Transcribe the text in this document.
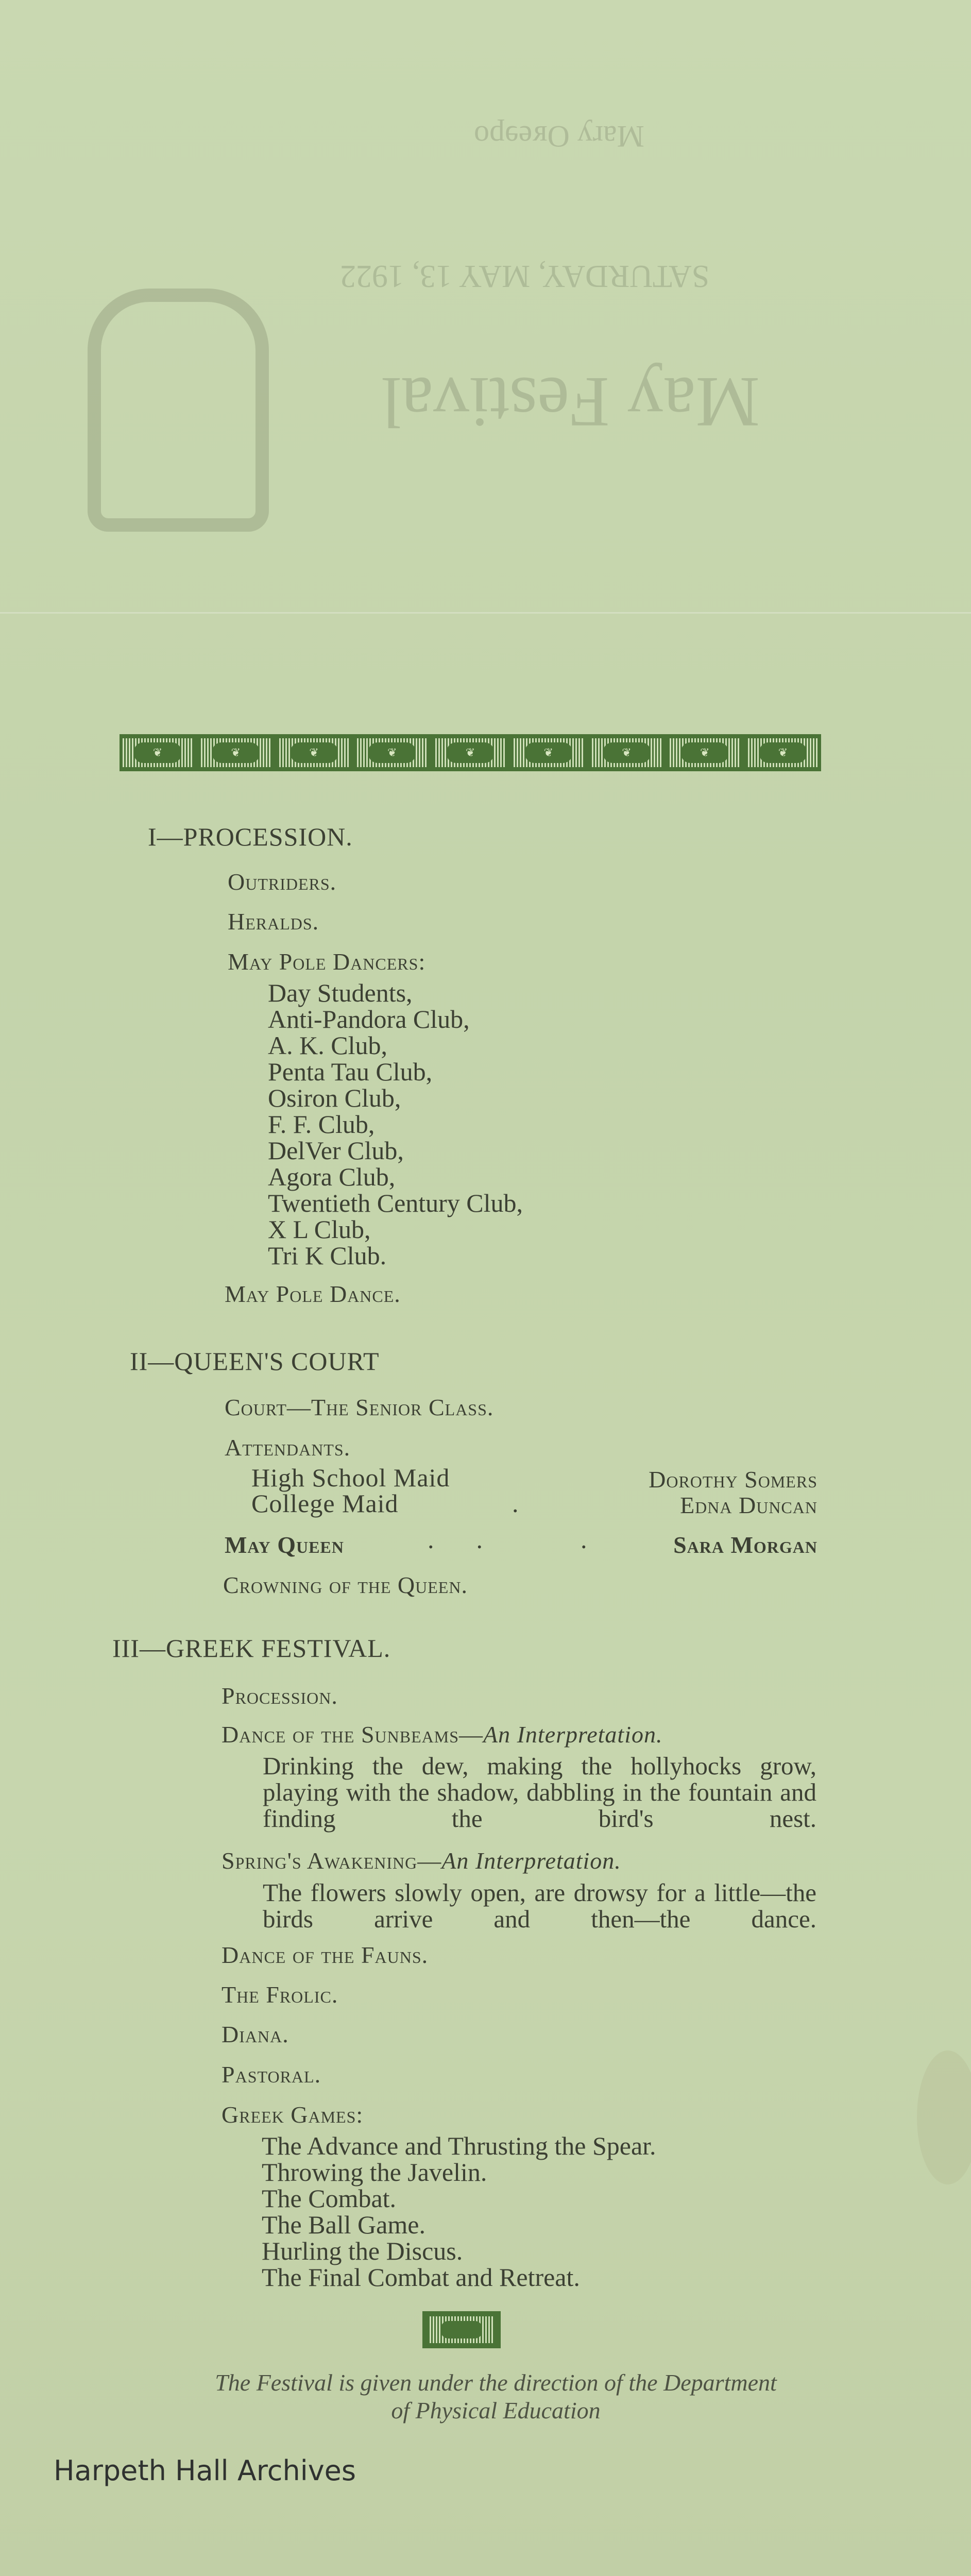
Mary Oʁeɘpo
SATURDAY, MAY 13, 1922
May Festival
❦	❦	❦	❦	❦	❦	❦	❦	❦
I—PROCESSION.
Outriders.
Heralds.
May Pole Dancers:
Day Students,
Anti-Pandora Club,
A. K. Club,
Penta Tau Club,
Osiron Club,
F. F. Club,
DelVer Club,
Agora Club,
Twentieth Century Club,
X L Club,
Tri K Club.
May Pole Dance.
II—QUEEN'S COURT
Court—The Senior Class.
Attendants.
High School Maid	Dorothy Somers
College Maid	.	Edna Duncan
May Queen	.      .              .	Sara Morgan
Crowning of the Queen.
III—GREEK FESTIVAL.
Procession.
Dance of the Sunbeams—An Interpretation.
Drinking the dew, making the hollyhocks grow, playing with the shadow, dabbling in the fountain and finding the bird's nest.
Spring's Awakening—An Interpretation.
The flowers slowly open, are drowsy for a little—the birds arrive and then—the dance.
Dance of the Fauns.
The Frolic.
Diana.
Pastoral.
Greek Games:
The Advance and Thrusting the Spear.
Throwing the Javelin.
The Combat.
The Ball Game.
Hurling the Discus.
The Final Combat and Retreat.
The Festival is given under the direction of the Department
of Physical Education
Harpeth Hall Archives
